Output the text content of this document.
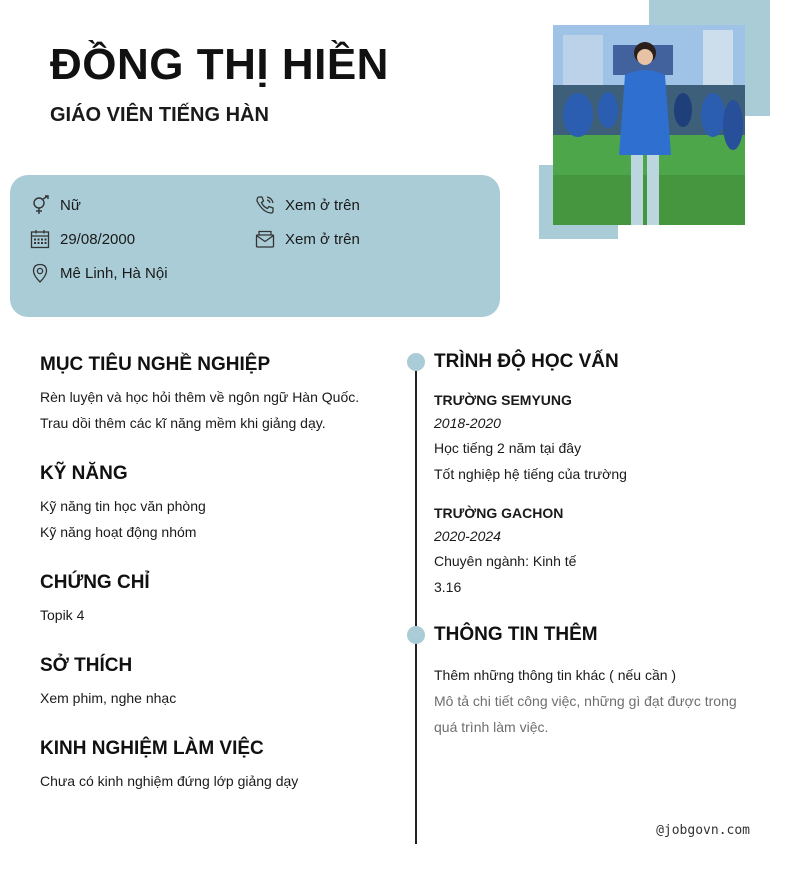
ĐỒNG THỊ HIỀN
GIÁO VIÊN TIẾNG HÀN
Nữ	Xem ở trên
29/08/2000	Xem ở trên
Mê Linh, Hà Nội
MỤC TIÊU NGHỀ NGHIỆP
Rèn luyện và học hỏi thêm về ngôn ngữ Hàn Quốc.
Trau dồi thêm các kĩ năng mềm khi giảng dạy.
KỸ NĂNG
Kỹ năng tin học văn phòng
Kỹ năng hoạt động nhóm
CHỨNG CHỈ
Topik 4
SỞ THÍCH
Xem phim, nghe nhạc
KINH NGHIỆM LÀM VIỆC
Chưa có kinh nghiệm đứng lớp giảng dạy
TRÌNH ĐỘ HỌC VẤN
TRƯỜNG SEMYUNG
2018-2020
Học tiếng 2 năm tại đây
Tốt nghiệp hệ tiếng của trường
TRƯỜNG GACHON
2020-2024
Chuyên ngành: Kinh tế
3.16
THÔNG TIN THÊM
Thêm những thông tin khác ( nếu cần )
Mô tả chi tiết công việc, những gì đạt được trong
quá trình làm việc.
@jobgovn.com
